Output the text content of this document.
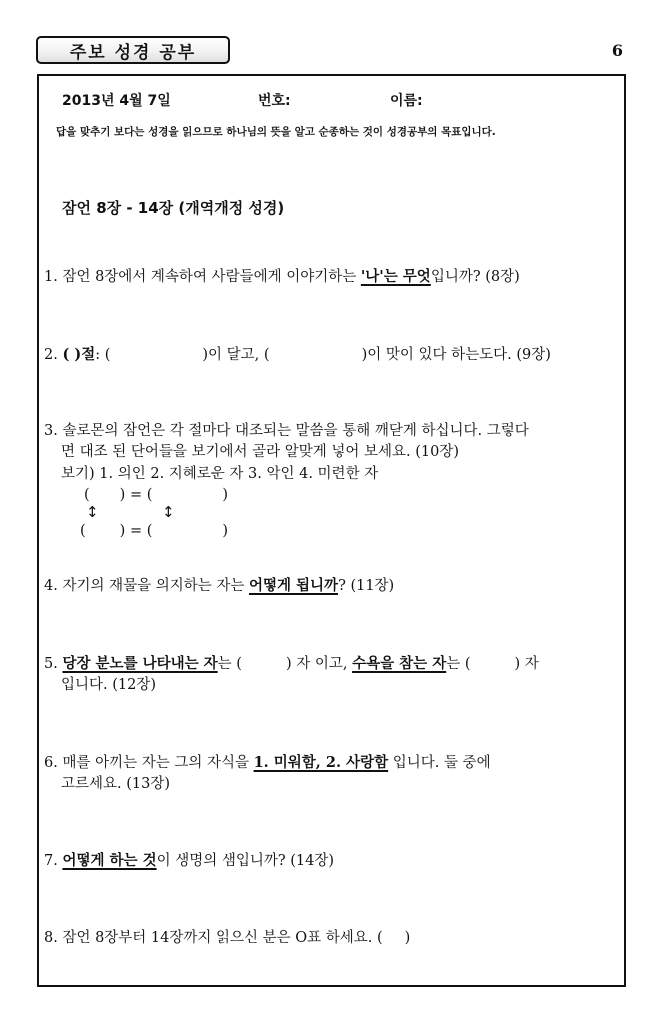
주보 성경 공부	6
2013년 4월 7일	번호:	이름:
답을 맞추기 보다는 성경을 읽으므로 하나님의 뜻을 알고 순종하는 것이 성경공부의 목표입니다.
잠언 8장 - 14장 (개역개정 성경)
1. 잠언 8장에서 계속하여 사람들에게 이야기하는 '나'는 무엇입니까? (8장)
2. ( )절: (	)이 달고, (	)이 맛이 있다 하는도다. (9장)
3. 솔로몬의 잠언은 각 절마다 대조되는 말씀을 통해 깨닫게 하십니다. 그렇다
면 대조 된 단어들을 보기에서 골라 알맞게 넣어 보세요. (10장)
보기) 1. 의인 2. 지혜로운 자 3. 악인 4. 미련한 자
( ) = (	)
↕	↕
( ) = (	)
4. 자기의 재물을 의지하는 자는 어떻게 됩니까? (11장)
5. 당장 분노를 나타내는 자는 (	) 자 이고, 수욕을 참는 자는 (	) 자
입니다. (12장)
6. 매를 아끼는 자는 그의 자식을 1. 미워함, 2. 사랑함 입니다. 둘 중에
고르세요. (13장)
7. 어떻게 하는 것이 생명의 샘입니까? (14장)
8. 잠언 8장부터 14장까지 읽으신 분은 O표 하세요. ( )
